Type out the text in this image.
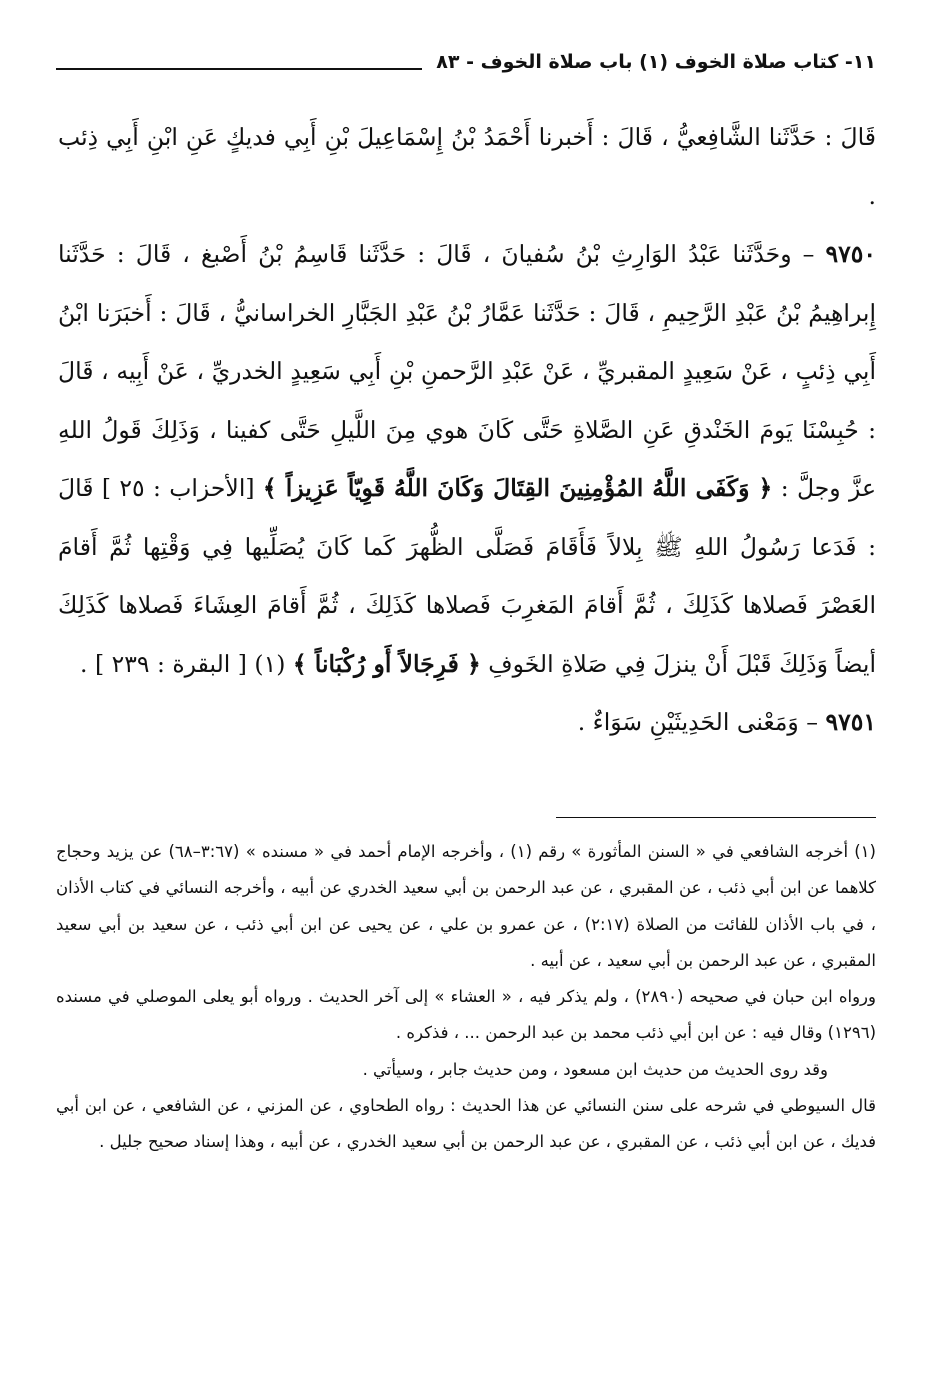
١١- كتاب صلاة الخوف (١) باب صلاة الخوف - ٨٣

قَالَ : حَدَّثَنا الشَّافِعيُّ ، قَالَ : أَخبرنا أَحْمَدُ بْنُ إِسْمَاعِيلَ بْنِ أَبِي فديكٍ عَنِ ابْنِ أَبِي ذِئب .

٩٧٥٠ – وحَدَّثَنا عَبْدُ الوَارِثِ بْنُ سُفيانَ ، قَالَ : حَدَّثَنا قَاسِمُ بْنُ أَصْبغ ، قَالَ : حَدَّثَنا إِبراهِيمُ بْنُ عَبْدِ الرَّحِيمِ ، قَالَ : حَدَّثَنا عَمَّارُ بْنُ عَبْدِ الجَبَّارِ الخراسانيُّ ، قَالَ : أَخبَرَنا ابْنُ أَبِي ذِئبٍ ، عَنْ سَعِيدٍ المقبريِّ ، عَنْ عَبْدِ الرَّحمنِ بْنِ أَبِي سَعِيدٍ الخدريِّ ، عَنْ أَبِيه ، قَالَ : حُبِسْنَا يَومَ الخَنْدقِ عَنِ الصَّلاةِ حَتَّى كَانَ هوي مِنَ اللَّيلِ حَتَّى كفينا ، وَذَلِكَ قَولُ اللهِ عزَّ وجلَّ : ﴿ وَكَفَى اللَّهُ المُؤْمِنِينَ القِتَالَ وَكَانَ اللَّهُ قَوِيّاً عَزِيزاً ﴾ [الأحزاب : ٢٥ ] قَالَ : فَدَعا رَسُولُ اللهِ ﷺ بِلالاً فَأَقَامَ فَصَلَّى الظُّهرَ كَما كَانَ يُصَلِّيها فِي وَقْتِها ثُمَّ أَقامَ العَصْرَ فَصلاها كَذَلِكَ ، ثُمَّ أَقامَ المَغرِبَ فَصلاها كَذَلِكَ ، ثُمَّ أَقامَ العِشَاءَ فَصلاها كَذَلِكَ أيضاً وَذَلِكَ قَبْلَ أَنْ ينزلَ فِي صَلاةِ الخَوفِ ﴿ فَرِجَالاً أَو رُكْبَاناً ﴾ (١) [ البقرة : ٢٣٩ ] .

٩٧٥١ – وَمَعْنى الحَدِيثَيْنِ سَوَاءٌ .

(١) أخرجه الشافعي في « السنن المأثورة » رقم (١) ، وأخرجه الإمام أحمد في « مسنده » (٣:٦٧–٦٨) عن يزيد وحجاج كلاهما عن ابن أبي ذئب ، عن المقبري ، عن عبد الرحمن بن أبي سعيد الخدري عن أبيه ، وأخرجه النسائي في كتاب الأذان ، في باب الأذان للفائت من الصلاة (٢:١٧) ، عن عمرو بن علي ، عن يحيى عن ابن أبي ذئب ، عن سعيد بن أبي سعيد المقبري ، عن عبد الرحمن بن أبي سعيد ، عن أبيه .

ورواه ابن حبان في صحيحه (٢٨٩٠) ، ولم يذكر فيه ، « العشاء » إلى آخر الحديث . ورواه أبو يعلى الموصلي في مسنده (١٢٩٦) وقال فيه : عن ابن أبي ذئب محمد بن عبد الرحمن ... ، فذكره .

وقد روى الحديث من حديث ابن مسعود ، ومن حديث جابر ، وسيأتي .

قال السيوطي في شرحه على سنن النسائي عن هذا الحديث : رواه الطحاوي ، عن المزني ، عن الشافعي ، عن ابن أبي فديك ، عن ابن أبي ذئب ، عن المقبري ، عن عبد الرحمن بن أبي سعيد الخدري ، عن أبيه ، وهذا إسناد صحيح جليل .
